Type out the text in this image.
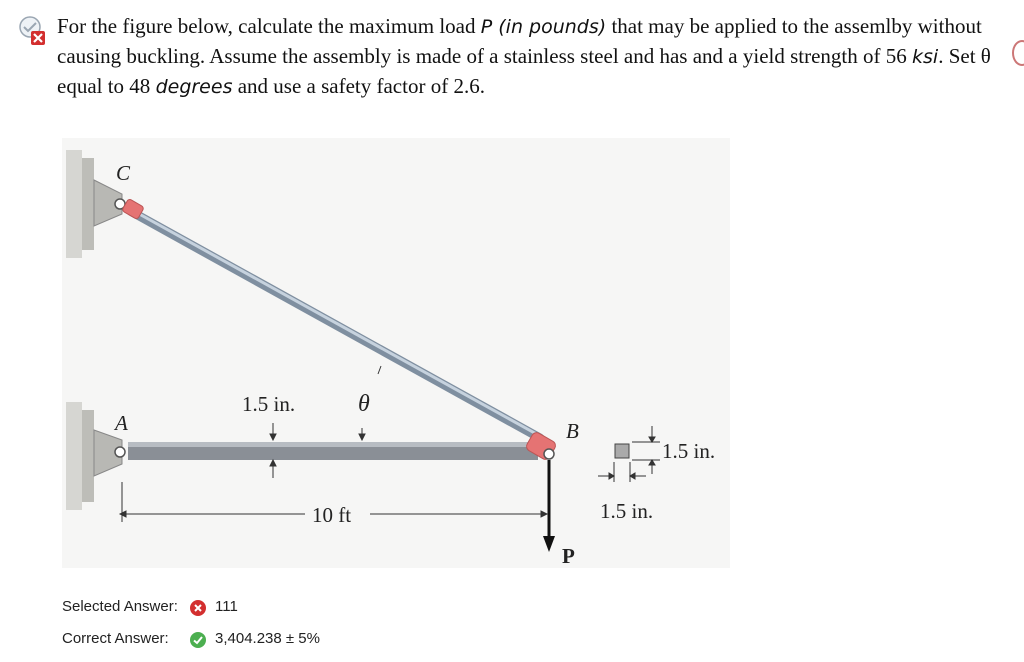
For the figure below, calculate the maximum load P (in pounds) that may be applied to the assemlby without causing buckling. Assume the assembly is made of a stainless steel and has and a yield strength of 56 ksi. Set θ equal to 48 degrees and use a safety factor of 2.6.
C
A	B
θ
P
1.5 in.
10 ft
1.5 in.
1.5 in.
Selected Answer: 111
Correct Answer:	3,404.238 ± 5%
